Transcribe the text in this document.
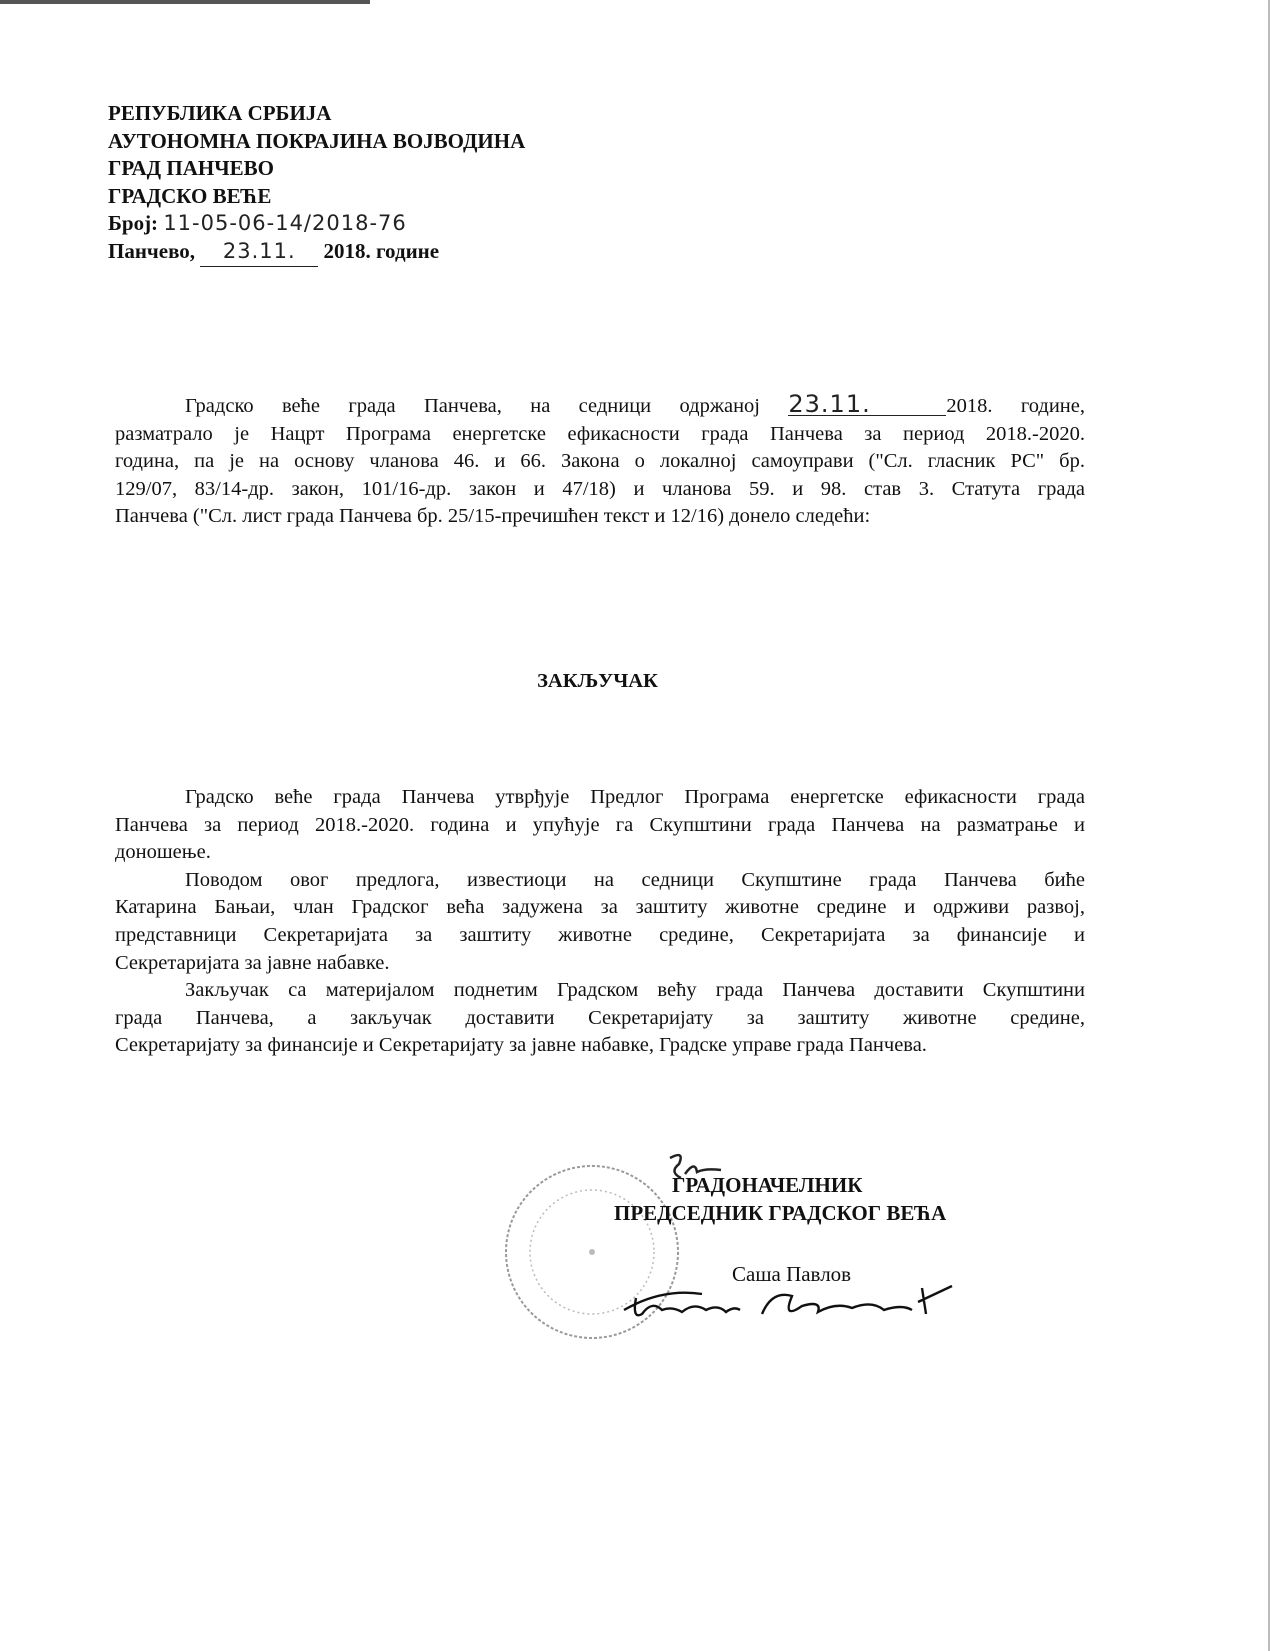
РЕПУБЛИКА СРБИЈА
АУТОНОМНА ПОКРАЈИНА ВОЈВОДИНА
ГРАД ПАНЧЕВО
ГРАДСКО ВЕЋЕ
Број: 11-05-06-14/2018-76
Панчево, 23.11. 2018. године
Градско веће града Панчева, на седници одржаној 23.11.	2018. године,
разматрало је Нацрт Програма енергетске ефикасности града Панчева за период 2018.-2020.
година, па је на основу чланова 46. и 66. Закона о локалној самоуправи ("Сл. гласник РС" бр.
129/07, 83/14-др. закон, 101/16-др. закон и 47/18) и чланова 59. и 98. став 3. Статута града
Панчева ("Сл. лист града Панчева бр. 25/15-пречишћен текст и 12/16) донело следећи:
ЗАКЉУЧАК
Градско веће града Панчева утврђује Предлог Програма енергетске ефикасности града
Панчева за период 2018.-2020. година и упућује га Скупштини града Панчева на разматрање и
доношење.
Поводом овог предлога, известиоци на седници Скупштине града Панчева биће
Катарина Бањаи, члан Градског већа задужена за заштиту животне средине и одрживи развој,
представници Секретаријата за заштиту животне средине, Секретаријата за финансије и
Секретаријата за јавне набавке.
Закључак са материјалом поднетим Градском већу града Панчева доставити Скупштини
града Панчева, а закључак доставити Секретаријату за заштиту животне средине,
Секретаријату за финансије и Секретаријату за јавне набавке, Градске управе града Панчева.
ГРАДОНАЧЕЛНИК
ПРЕДСЕДНИК ГРАДСКОГ ВЕЋА
Саша Павлов
